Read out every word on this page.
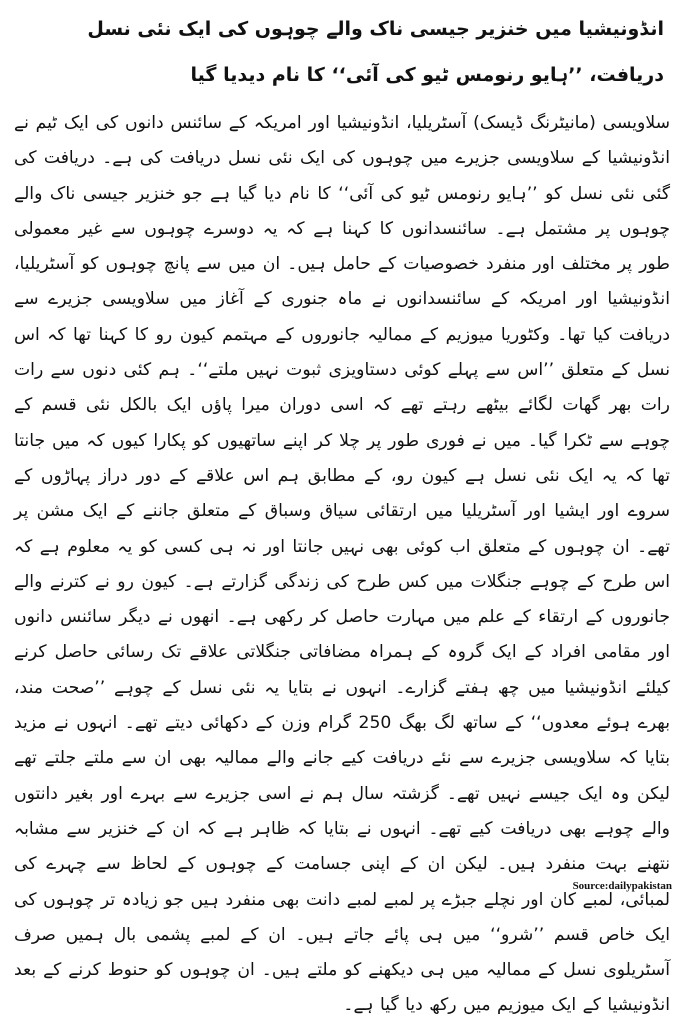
انڈونیشیا میں خنزیر جیسی ناک والے چوہوں کی ایک نئی نسل دریافت، ’’ہایو رنومس ٹیو کی آئی‘‘ کا نام دیدیا گیا

سلاویسی (مانیٹرنگ ڈیسک) آسٹریلیا، انڈونیشیا اور امریکہ کے سائنس دانوں کی ایک ٹیم نے انڈونیشیا کے سلاویسی جزیرے میں چوہوں کی ایک نئی نسل دریافت کی ہے۔ دریافت کی گئی نئی نسل کو ’’ہایو رنومس ٹیو کی آئی‘‘ کا نام دیا گیا ہے جو خنزیر جیسی ناک والے چوہوں پر مشتمل ہے۔ سائنسدانوں کا کہنا ہے کہ یہ دوسرے چوہوں سے غیر معمولی طور پر مختلف اور منفرد خصوصیات کے حامل ہیں۔ ان میں سے پانچ چوہوں کو آسٹریلیا، انڈونیشیا اور امریکہ کے سائنسدانوں نے ماہ جنوری کے آغاز میں سلاویسی جزیرے سے دریافت کیا تھا۔ وکٹوریا میوزیم کے ممالیہ جانوروں کے مہتمم کیون رو کا کہنا تھا کہ اس نسل کے متعلق ’’اس سے پہلے کوئی دستاویزی ثبوت نہیں ملتے‘‘۔ ہم کئی دنوں سے رات رات بھر گھات لگائے بیٹھے رہتے تھے کہ اسی دوران میرا پاؤں ایک بالکل نئی قسم کے چوہے سے ٹکرا گیا۔ میں نے فوری طور پر چلا کر اپنے ساتھیوں کو پکارا کیوں کہ میں جانتا تھا کہ یہ ایک نئی نسل ہے کیون رو، کے مطابق ہم اس علاقے کے دور دراز پہاڑوں کے سروے اور ایشیا اور آسٹریلیا میں ارتقائی سیاق وسباق کے متعلق جاننے کے ایک مشن پر تھے۔ ان چوہوں کے متعلق اب کوئی بھی نہیں جانتا اور نہ ہی کسی کو یہ معلوم ہے کہ اس طرح کے چوہے جنگلات میں کس طرح کی زندگی گزارتے ہے۔ کیون رو نے کترنے والے جانوروں کے ارتقاء کے علم میں مہارت حاصل کر رکھی ہے۔ انھوں نے دیگر سائنس دانوں اور مقامی افراد کے ایک گروہ کے ہمراہ مضافاتی جنگلاتی علاقے تک رسائی حاصل کرنے کیلئے انڈونیشیا میں چھ ہفتے گزارے۔ انہوں نے بتایا یہ نئی نسل کے چوہے ’’صحت مند، بھرے ہوئے معدوں‘‘ کے ساتھ لگ بھگ 250 گرام وزن کے دکھائی دیتے تھے۔ انہوں نے مزید بتایا کہ سلاویسی جزیرے سے نئے دریافت کیے جانے والے ممالیہ بھی ان سے ملتے جلتے تھے لیکن وہ ایک جیسے نہیں تھے۔ گزشتہ سال ہم نے اسی جزیرے سے بہرے اور بغیر دانتوں والے چوہے بھی دریافت کیے تھے۔ انہوں نے بتایا کہ ظاہر ہے کہ ان کے خنزیر سے مشابہ نتھنے بہت منفرد ہیں۔ لیکن ان کے اپنی جسامت کے چوہوں کے لحاظ سے چہرے کی لمبائی، لمبے کان اور نچلے جبڑے پر لمبے لمبے دانت بھی منفرد ہیں جو زیادہ تر چوہوں کی ایک خاص قسم ’’شرو‘‘ میں ہی پائے جاتے ہیں۔ ان کے لمبے پشمی بال ہمیں صرف آسٹریلوی نسل کے ممالیہ میں ہی دیکھنے کو ملتے ہیں۔ ان چوہوں کو حنوط کرنے کے بعد انڈونیشیا کے ایک میوزیم میں رکھ دیا گیا ہے۔

Source:dailypakistan
